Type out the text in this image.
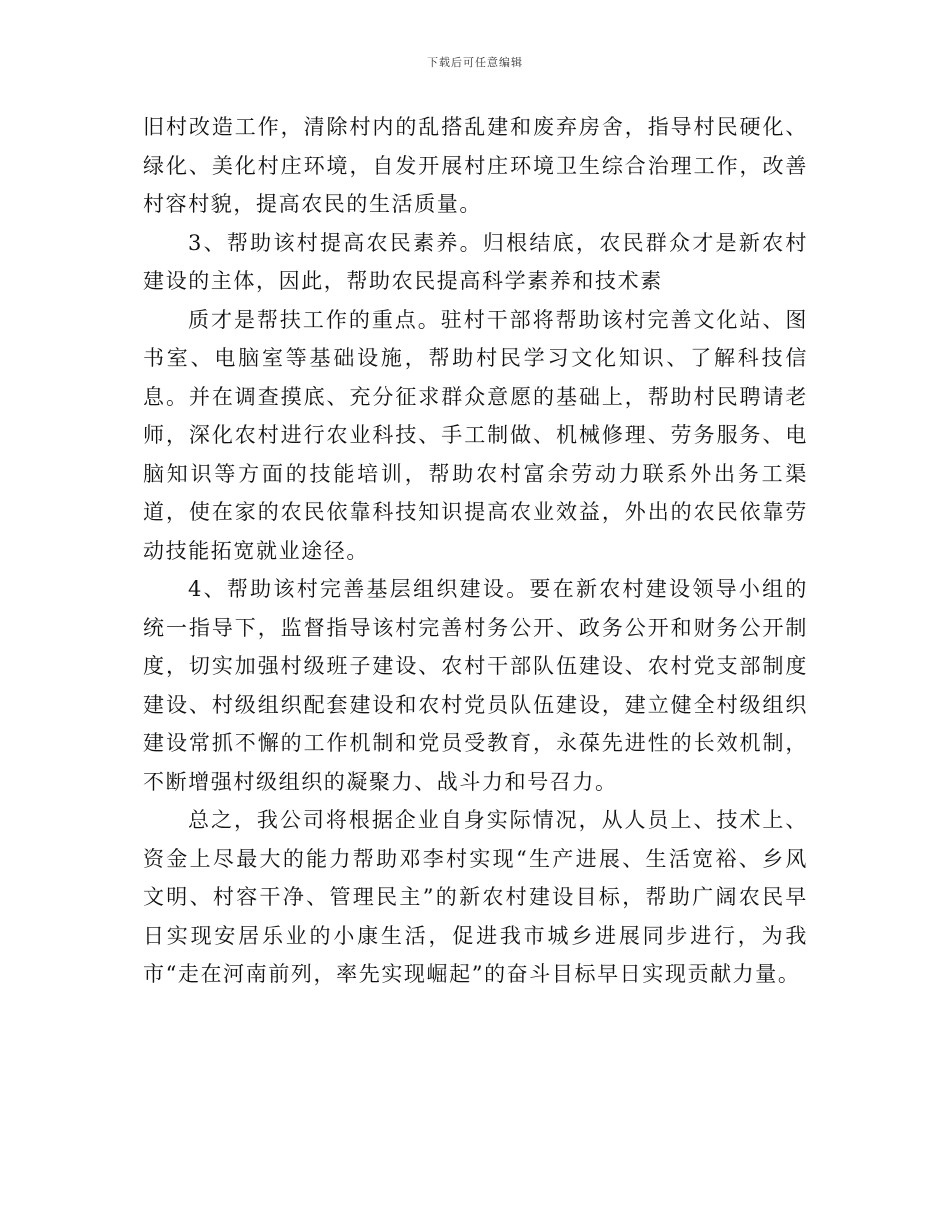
下载后可任意编辑

旧村改造工作，清除村内的乱搭乱建和废弃房舍，指导村民硬化、绿化、美化村庄环境，自发开展村庄环境卫生综合治理工作，改善村容村貌，提高农民的生活质量。

3、帮助该村提高农民素养。归根结底，农民群众才是新农村建设的主体，因此，帮助农民提高科学素养和技术素

质才是帮扶工作的重点。驻村干部将帮助该村完善文化站、图书室、电脑室等基础设施，帮助村民学习文化知识、了解科技信息。并在调查摸底、充分征求群众意愿的基础上，帮助村民聘请老师，深化农村进行农业科技、手工制做、机械修理、劳务服务、电脑知识等方面的技能培训，帮助农村富余劳动力联系外出务工渠道，使在家的农民依靠科技知识提高农业效益，外出的农民依靠劳动技能拓宽就业途径。

4、帮助该村完善基层组织建设。要在新农村建设领导小组的统一指导下，监督指导该村完善村务公开、政务公开和财务公开制度，切实加强村级班子建设、农村干部队伍建设、农村党支部制度建设、村级组织配套建设和农村党员队伍建设，建立健全村级组织建设常抓不懈的工作机制和党员受教育，永葆先进性的长效机制，不断增强村级组织的凝聚力、战斗力和号召力。

总之，我公司将根据企业自身实际情况，从人员上、技术上、资金上尽最大的能力帮助邓李村实现“生产进展、生活宽裕、乡风文明、村容干净、管理民主”的新农村建设目标，帮助广阔农民早日实现安居乐业的小康生活，促进我市城乡进展同步进行，为我市“走在河南前列，率先实现崛起”的奋斗目标早日实现贡献力量。
